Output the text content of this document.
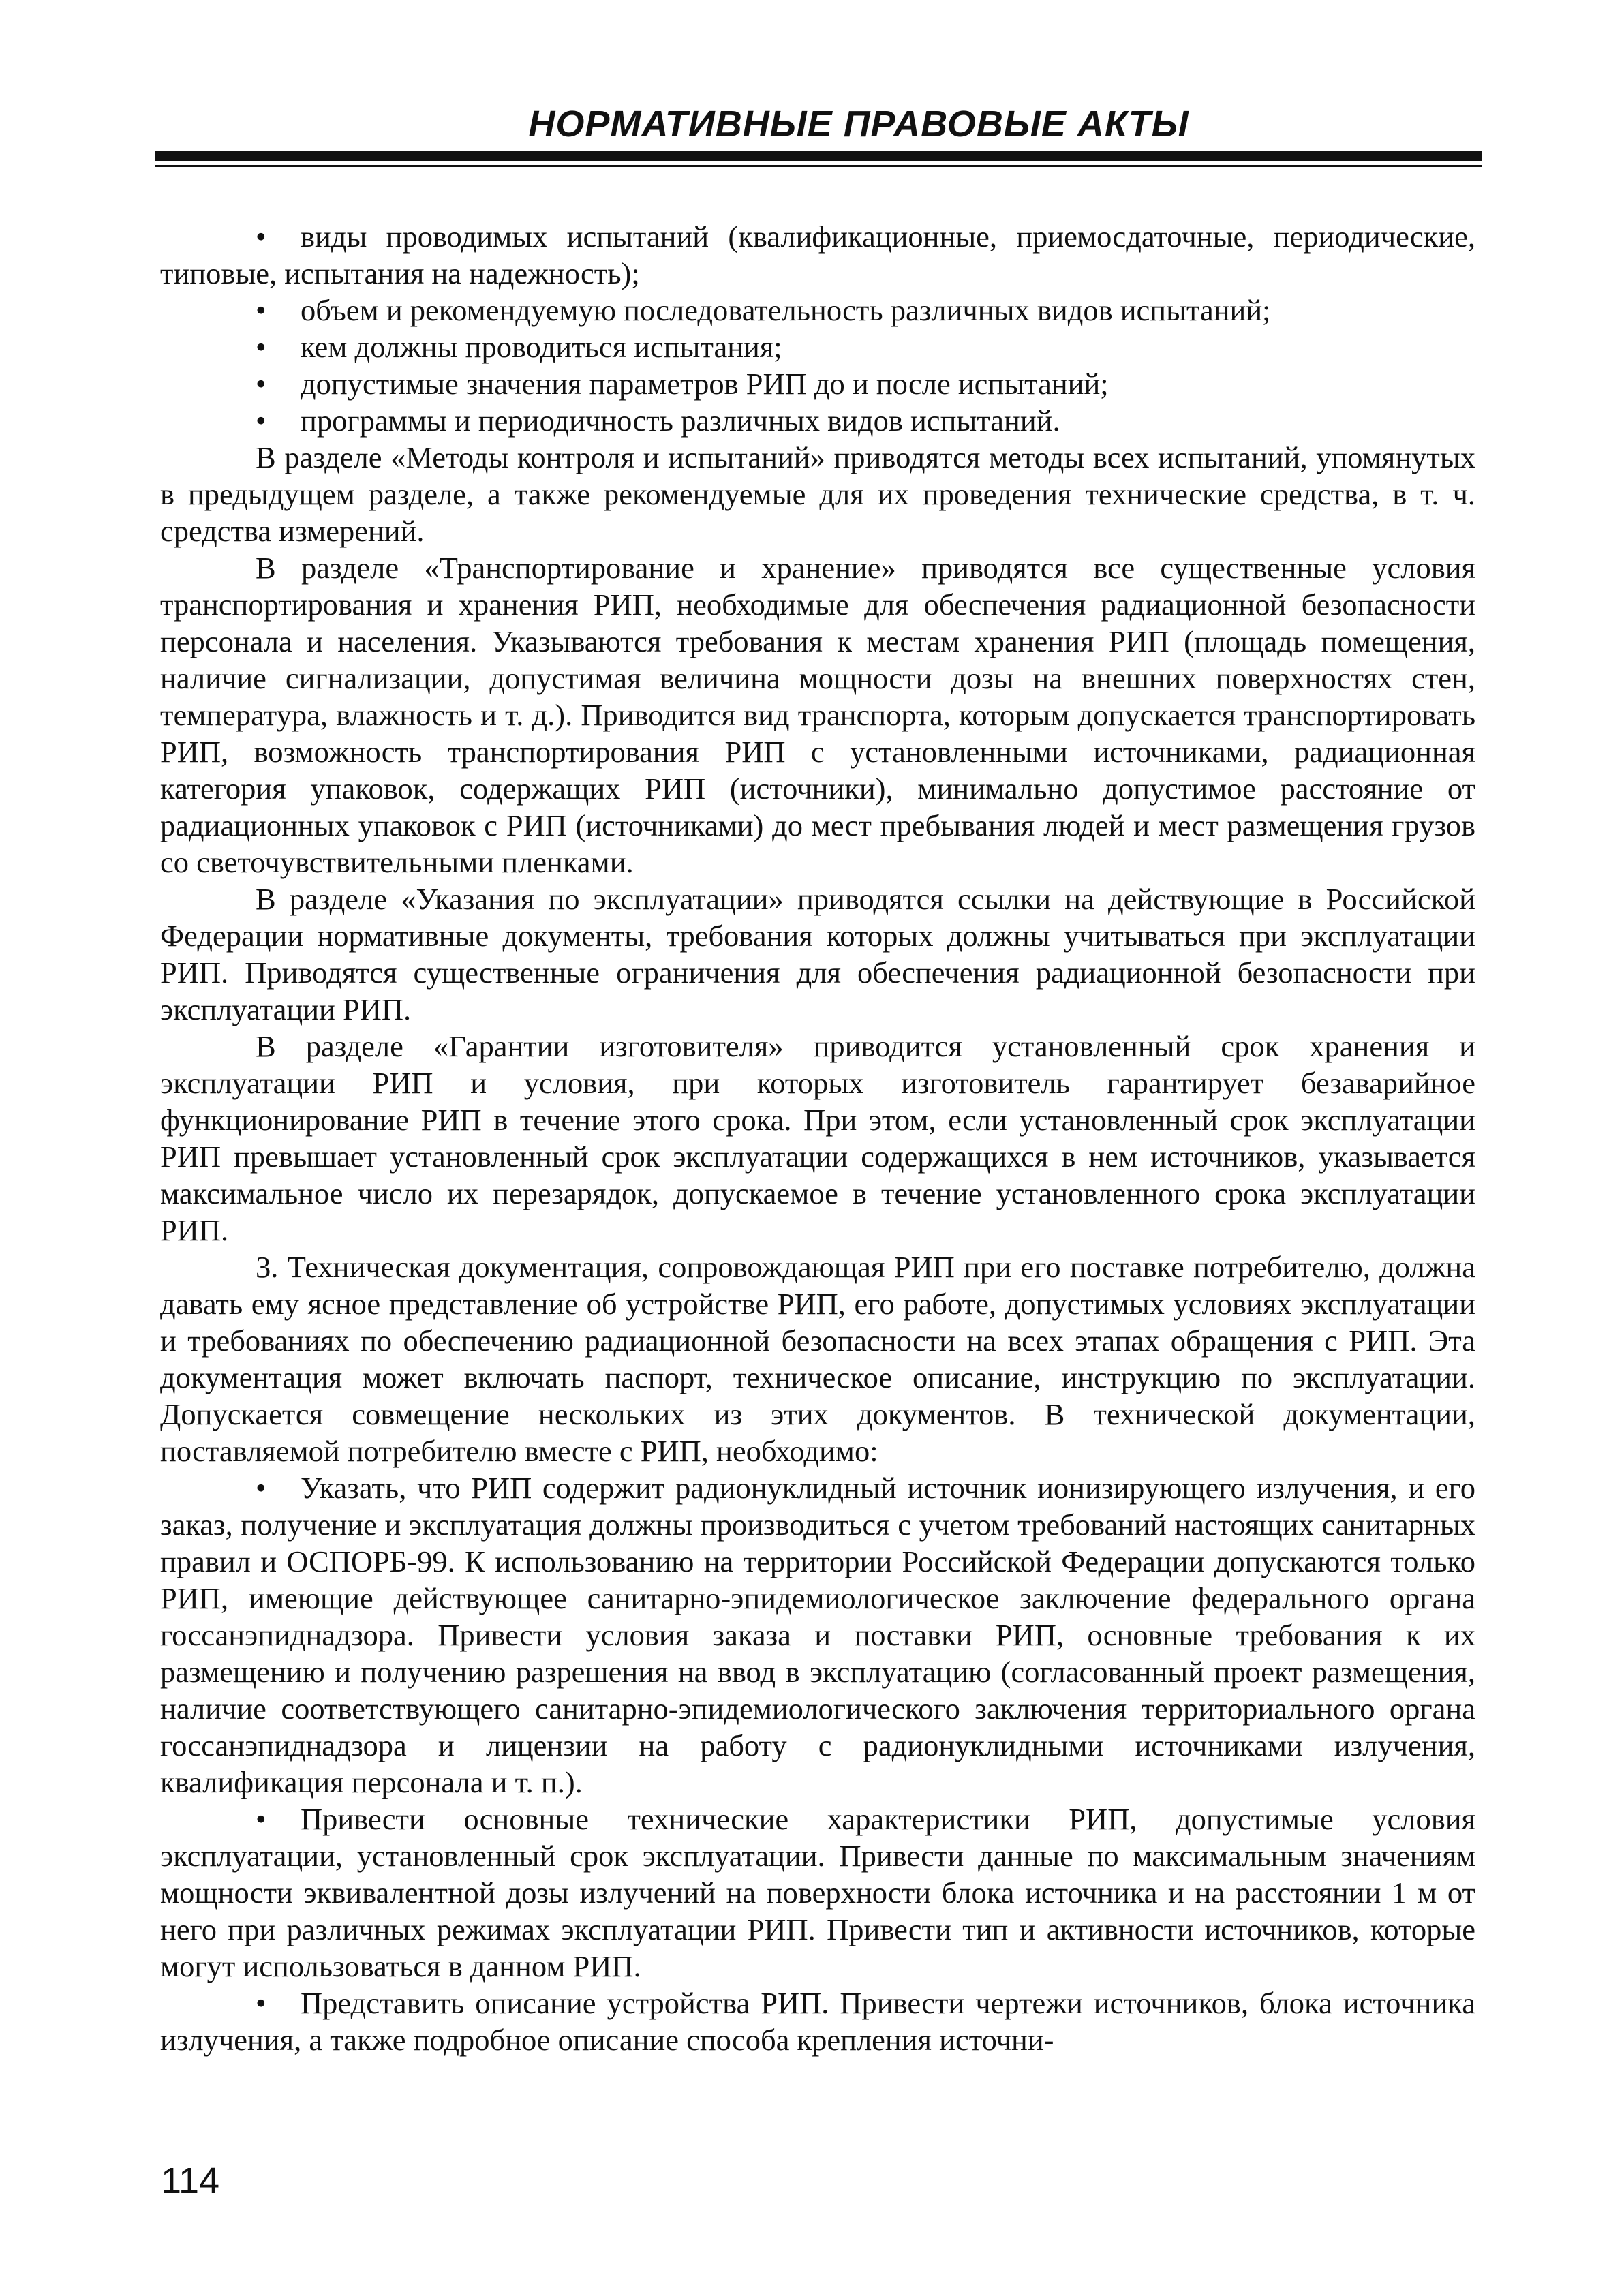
НОРМАТИВНЫЕ ПРАВОВЫЕ АКТЫ

• виды проводимых испытаний (квалификационные, приемосдаточные, периодические, типовые, испытания на надежность);

• объем и рекомендуемую последовательность различных видов испытаний;

• кем должны проводиться испытания;

• допустимые значения параметров РИП до и после испытаний;

• программы и периодичность различных видов испытаний.

В разделе «Методы контроля и испытаний» приводятся методы всех испытаний, упомянутых в предыдущем разделе, а также рекомендуемые для их проведения технические средства, в т. ч. средства измерений.

В разделе «Транспортирование и хранение» приводятся все существенные условия транспортирования и хранения РИП, необходимые для обеспечения радиационной безопасности персонала и населения. Указываются требования к местам хранения РИП (площадь помещения, наличие сигнализации, допустимая величина мощности дозы на внешних поверхностях стен, температура, влажность и т. д.). Приводится вид транспорта, которым допускается транспортировать РИП, возможность транспортирования РИП с установленными источниками, радиационная категория упаковок, содержащих РИП (источники), минимально допустимое расстояние от радиационных упаковок с РИП (источниками) до мест пребывания людей и мест размещения грузов со светочувствительными пленками.

В разделе «Указания по эксплуатации» приводятся ссылки на действующие в Российской Федерации нормативные документы, требования которых должны учитываться при эксплуатации РИП. Приводятся существенные ограничения для обеспечения радиационной безопасности при эксплуатации РИП.

В разделе «Гарантии изготовителя» приводится установленный срок хранения и эксплуатации РИП и условия, при которых изготовитель гарантирует безаварийное функционирование РИП в течение этого срока. При этом, если установленный срок эксплуатации РИП превышает установленный срок эксплуатации содержащихся в нем источников, указывается максимальное число их перезарядок, допускаемое в течение установленного срока эксплуатации РИП.

3. Техническая документация, сопровождающая РИП при его поставке потребителю, должна давать ему ясное представление об устройстве РИП, его работе, допустимых условиях эксплуатации и требованиях по обеспечению радиационной безопасности на всех этапах обращения с РИП. Эта документация может включать паспорт, техническое описание, инструкцию по эксплуатации. Допускается совмещение нескольких из этих документов. В технической документации, поставляемой потребителю вместе с РИП, необходимо:

• Указать, что РИП содержит радионуклидный источник ионизирующего излучения, и его заказ, получение и эксплуатация должны производиться с учетом требований настоящих санитарных правил и ОСПОРБ-99. К использованию на территории Российской Федерации допускаются только РИП, имеющие действующее санитарно-эпидемиологическое заключение федерального органа госсанэпиднадзора. Привести условия заказа и поставки РИП, основные требования к их размещению и получению разрешения на ввод в эксплуатацию (согласованный проект размещения, наличие соответствующего санитарно-эпидемиологического заключения территориального органа госсанэпиднадзора и лицензии на работу с радионуклидными источниками излучения, квалификация персонала и т. п.).

• Привести основные технические характеристики РИП, допустимые условия эксплуатации, установленный срок эксплуатации. Привести данные по максимальным значениям мощности эквивалентной дозы излучений на поверхности блока источника и на расстоянии 1 м от него при различных режимах эксплуатации РИП. Привести тип и активности источников, которые могут использоваться в данном РИП.

• Представить описание устройства РИП. Привести чертежи источников, блока источника излучения, а также подробное описание способа крепления источни-

114
